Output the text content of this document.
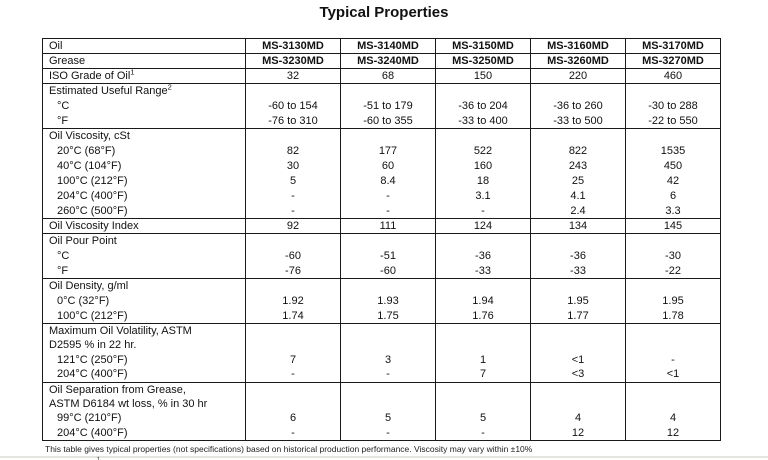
Typical Properties
Oil	MS-3130MD	MS-3140MD	MS-3150MD	MS-3160MD	MS-3170MD

Grease	MS-3230MD	MS-3240MD	MS-3250MD	MS-3260MD	MS-3270MD

ISO Grade of Oil$^1$	32	68	150	220	460

Estimated Useful Range$^2$

°C	-60 to 154	-51 to 179	-36 to 204	-36 to 260	-30 to 288

°F	-76 to 310	-60 to 355	-33 to 400	-33 to 500	-22 to 550

Oil Viscosity, cSt					

20°C (68°F)	82	177	522	822	1535

40°C (104°F)	30	60	160	243	450

100°C (212°F)	5	8.4	18	25	42

204°C (400°F)	-	-	3.1	4.1	6

260°C (500°F)	-	-	-	2.4	3.3

Oil Viscosity Index	92	111	124	134	145

Oil Pour Point					

°C	-60	-51	-36	-36	-30

°F	-76	-60	-33	-33	-22

Oil Density, g/ml					

0°C (32°F)	1.92	1.93	1.94	1.95	1.95

100°C (212°F)	1.74	1.75	1.76	1.77	1.78

Maximum Oil Volatility, ASTM
D2595 % in 22 hr.					

121°C (250°F)	7	3	1	<1	-

204°C (400°F)	-	-	7	<3	<1

Oil Separation from Grease,
ASTM D6184 wt loss, % in 30 hr					

99°C (210°F)	6	5	5	4	4

204°C (400°F)	-	-	-	12	12
This table gives typical properties (not specifications) based on historical production performance. Viscosity may vary within ±10%
¹
